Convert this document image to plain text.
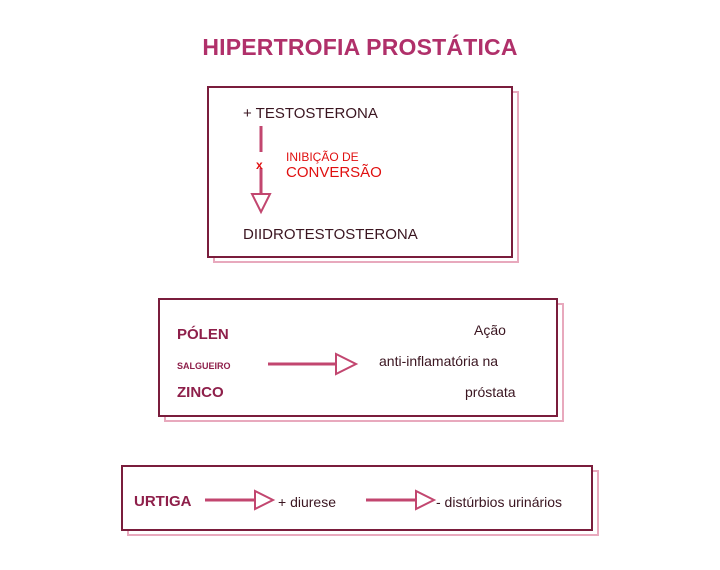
HIPERTROFIA PROSTÁTICA
+ TESTOSTERONA
x
INIBIÇÃO DE
CONVERSÃO
DIIDROTESTOSTERONA
PÓLEN
SALGUEIRO
ZINCO
Ação
anti-inflamatória na
próstata
URTIGA	+ diurese	- distúrbios urinários
